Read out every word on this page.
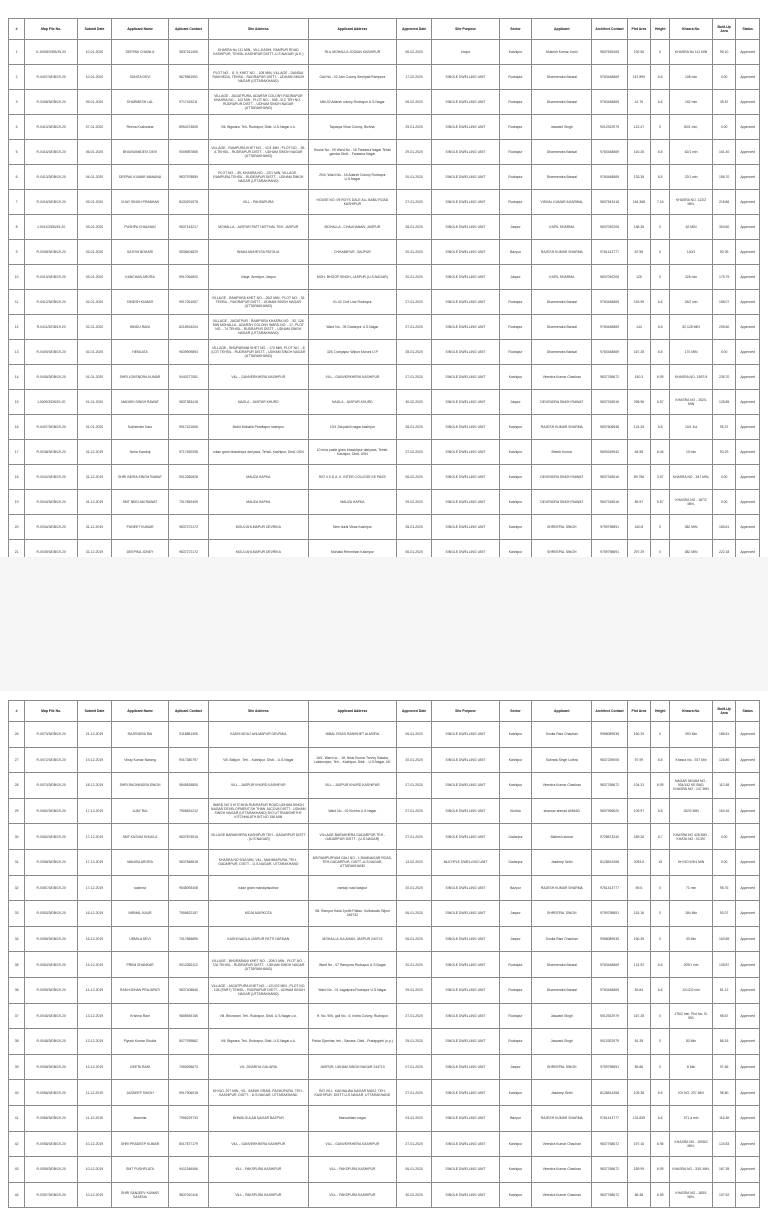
#	Map File No.	Submit Date	Applicant Name	Aplicant Contact	Site Address	Applicant Address	Approved Date	Site Purpose	Sector	Applicant	Architect Contact	Plot Area	Height	Khasra No.	Built-Up Area	Status
1	K-3/008/3/DB/19-20	10-01-2020	DEEPAK CHAWLA	9837011405	KHASRA No 111 MIN , VILL-KASHI, RAMPUR ROAD KASHIPUR, TEHSIL-KASHIPUR DISTT.-U.S.NAGAR (U.K.)	RLU MOHALLA JOGIAN KASHIPUR	06-02-2020	shops	Kashipur	Mukesh Kumar Joshi	9837525405	192.56	0	KHASRA No 111 MIN	95.10	Approved
2	R-0407/3/DB/19-20	10-01-2020	SUNITA DEVI	9675581591	PLOT NO. - 8, 9, KHET NO. - 108 MIN, VILLAGE - DANDIA RAIKHEDA, TEHSIL - RUDRAPUR DISTT. - UDHAM SINGH NAGAR (UTTARAKHAND)	Gali No - 02 Jain Colony Semipati Rampura	17-02-2020	SINGLE DWELLING UNIT	Rudrapur	Dharmendra Bansal	9760448869	167.899	6.5	108 min	0.00	Approved
3	R-0408/3/DB/19-20	09-01-2020	DHARMESH LAL	9717415211	VILLAGE - JAGATPURA, ADARSH COLONY RUDRAPUR KHASRA NO. - 102 MIN , PLOT NO. - 908 - B,C TEH NO. - RUDRAPUR DISTT. - UDHAM SINGH NAGAR (UTTARAKHAND)	Mkt-02 Adarsh colony Rudrapur U.S.Nagar	06-02-2020	SINGLE DWELLING UNIT	Rudrapur	Dharmendra Bansal	9760448869	41.76	6.5	152 min	39.87	Approved
4	R-0410/3/DB/19-20	07-01-2020	Reena Kushwaha	8954374605	Vill. Bigwara, Teh- Rudrapur, Distt- U.S.Nagar u.k.	Tapasya Vihar Colony, Bichha,	29-01-2020	SINGLE DWELLING UNIT	Rudrapur	Jaswant Singh	9012922979	122.47	0	80/1 min,	0.00	Approved
5	R-0416/3/DB/19-20	06-01-2020	BHAGWANDEVI DEVI	9005957865	VILLAGE - RAMPURA KHET NO. - 41/1 MIN , PLOT NO. - 35-A TEHSIL - RUDRAPUR DISTT. - UDHAM SINGH NAGAR (UTTARAKHAND)	House No - 09 Ward No - 16 Fantama Nagar Tehsil gandar Distt. - Fantama Nagar	29-01-2020	SINGLE DWELLING UNIT	Rudrapur	Dharmendra Bansal	9760448869	140.26	6.5	62/1 min	161.40	Approved
6	R-0413/3/DB/19-20	04-01-2020	DEEPAK KUMAR MANANA	9837978859	PLOT NO. - 59, KHASRA NO. - 22/1 MIN, VILLAGE - RAMPURA TEHSIL - RUDRAPUR DISTT. - UDHAM SINGH NAGAR (UTTARAKHAND)	20/4, Ward No - 16 Adarsh Colony Rudrapur U.S.Nagar	20-01-2020	SINGLE DWELLING UNIT	Rudrapur	Dharmendra Bansal	9760448869	133.35	6.5	22/1 min	156.70	Approved
7	R-0416/3/DB/19-20	03-01-2020	VIJAY SINGH PRABHAN	8433291978	VILL - PAHSAPURA	HOUSE NO. 09 ROYS DALE ALL BABU ROAD KASHIPUR	27-01-2020	SINGLE DWELLING UNIT	Rudrapur	VISHAL KUMAR AGARWAL	9837543418	154.368	7.16	KHASRA NO. 122/2 MIN,	218.86	Approved
8	J-0011/3/DB/19-20	03-01-2020	PUSHPA CHAUHAN	9837143217	MOHALLA - JASPUR PATTI BITTHAL TEH. JASPUR	MOHALLA - CHAUHANAN, JASPUR	28-01-2020	SINGLE DWELLING UNIT	Jaspur	KAPIL SHARMA	9837092205	158.35	0	62 MIN	303.60	Approved
9	R-0008/3/DB/19-20	03-01-2020	SATISH BOHARI	9538404829	BHAIA MUHEYSA PATOLIA	CHHAMIPUR , BAJPUR	20-01-2020	SINGLE DWELLING UNIT	Bazpur	RAJESH KUMAR SHARMA	9761413777	87.96	0	140/1	90.39	Approved
10	R-0013/3/DB/19-20	03-01-2020	KANCHAN ARORA	9917064800	Vlaqe- Amritpur, Jaspur	MOH- BHOOP SINGH, JASPUR (U.S.NAGAR)	20-01-2020	SINGLE DWELLING UNIT	Jaspur	KAPIL SHARMA	9837092205	125	0	325 min	175.79	Approved
11	R-0412/3/DB/19-20	02-01-2020	DINESH KUMAR	9917261057	VILLAGE - RAMPURA KHET NO. - 26/2 MIN , PLOT NO. - 51 TEHSIL - RUDRAPUR DISTT. - UDHAM SINGH NAGAR (UTTARAKHAND)	01-02 Civil Line Rudrapur	27-01-2020	SINGLE DWELLING UNIT	Rudrapur	Dharmendra Bansal	9760448869	153.95	6.5	26/2 min	158.07	Approved
12	R-0411/3/DB/19-20	02-01-2020	BINDU RANI	8218915204	VILLAGE - JAGATPUR - RAMPURA KHASRA NO. - 52, 126 MIN MOHALLA - ADARSH COLONY WARD NO. - 17, PLOT NO. - 74 TEHSIL - RUDRAPUR DISTT. - UDHAM SINGH NAGAR (UTTARAKHAND)	Ward No - 05 Gadarpur U.S.Nagar	27-01-2020	SINGLE DWELLING UNIT	Rudrapur	Dharmendra Bansal	9760448869	144	6.5	52,128 MIN	205.60	Approved
13	R-0409/3/DB/19-20	02-01-2020	HEMLATA	9639909893	VILLAGE - BHURARANI KHET NO. - 170 MIN, PLOT NO. - 8 (LOT TEHSIL - RUDRAPUR DISTT. - UDHAM SINGH NAGAR (UTTARAKHAND)	325, Darryapur Wipun Moruni U.P	28-01-2020	SINGLE DWELLING UNIT	Rudrapur	Dharmendra Bansal	9760448869	167.28	6.5	170 MIN	0.00	Approved
14	R-0406/3/DB/19-20	01-01-2020	SHRI LOKENDRA KUMAR	9440277081	VILL - GANVERKHERA KASHIPUR	VILL - GANVERKHERA KASHIPUR	27-01-2020	SINGLE DWELLING UNIT	Kashipur	Virendra Kumar Chauhan	9837768672	150.3	6.95	KHASRA NO- 159T/4	235.70	Approved
15	J-0009/3/DB/19-20	01-01-2020	MANISH SINGH RAWAT	9837383418	NAGLA - JASPUR KHURD	NAGLA - JASPUR KHURD	30-02-2020	SINGLE DWELLING UNIT	Jaspur	DEVENDRA SINGH RAWAT	9837318516	298.96	5.57	KHASRA NO - 262/1 MIN	128.85	Approved
16	R-0407/3/DB/19-20	01-01-2020	Sukhender Kaur	9917421606	Mohit Mohalla Pandtapur kashipur	10/1 Jila pakhi nagar kashipur	28-01-2020	SINGLE DWELLING UNIT	Kashipur	RAJESH KUMAR SHARMA	9837606838	124.25	6.5	10/1 Zul	95.37	Approved
17	R-0038/3/DB/19-20	31-12-2019	Neha Kandraj	9717450298	vulan gram bhaskhpur deriyava, Tehsil- Kashipur, Distt. USN	10 mira paide gram bhaskhpur dariyava, Tehsil- Kashipur, Distt. USN	27-02-2020	SINGLE DWELLING UNIT	Kashipur	Bhesh Kumar	9690249942	84.98	6.46	10 min	53.29	Approved
18	R-0042/3/DB/19-20	31-12-2019	SHRI INDRA SINGH RAWAT	9012260528	MAUZA HAPKA	R/O V.V.D.A. K. INTER COLLEGE KE PASS	06-02-2020	SINGLE DWELLING UNIT	Kashipur	DEVENDRA SINGH RAWAT	9837318516	89.756	3.57	KHASRA NO - 547 MIN,	0.00	Approved
19	R-0043/3/DB/19-20	31-12-2019	SMT NEELAM RAWAT	7017852409	MAUZA HAPKA	MAUZA HAPKA	29-02-2020	SINGLE DWELLING UNIT	Kashipur	DEVENDRA SINGH RAWAT	9837318516	85.97	5.57	KHASRA NO - 187/2 MIN,	0.00	Approved
20	R-0034/3/DB/19-20	31-12-2019	PUNEET KUMAR	9837272172	MOUJ AHLMAPUR DEVRIKA	New durai Vikas Kashipur	28-01-2020	SINGLE DWELLING UNIT	Kashipur	SHREEPAL SINGH	9759798891	160.8	0	382 MIN	165.61	Approved
21	R-0039/3/DB/19-20	31-12-2019	DEEPIKA JONEY	9837272172	MOUJ AHLMAPUR DEVRIKA	Mohalla Rehmthan Kashipur	06-01-2020	SINGLE DWELLING UNIT	Kashipur	SHREEPAL SINGH	9759798891	297.29	0	382 MIN	222.18	Approved

#	Map File No.	Submit Date	Applicant Name	Aplicant Contact	Site Address	Applicant Address	Approved Date	Site Purpose	Sector	Applicant	Architect Contact	Plot Area	Height	Khasra No.	Built-Up Area	Status
26	R-0073/3/DB/19-20	21-12-2019	RAJENDRA RAI	9118881305	KASHI MOUJ AHLMAPUR DEVRIKA	NIBAL ROAD RANIKHET ALMORA	06-01-2020	SINGLE DWELLING UNIT	Kashipur	Sunita Rani Chauhan	9958089935	160.29	0	393 Min	186.61	Approved
27	R-0072/3/DB/19-20	19-12-2019	Vinay Kumar Narang	9017380797	Vill. Bailjuri , Teh. - Kashipur, Distt. - U.S.Nagar	16/1, Ward no. - 18, Near Kumar Torvey Sataba, Lakshmipur, Teh. - Kashipur, Distt. - U.S.Nagar, UK	20-01-2020	SINGLE DWELLING UNIT	Kashipur	Subrata Singh Luthra	9837239005	97.99	6.5	Khasra No - 937 Min	126.80	Approved
28	R-0070/3/DB/19-20	18-12-2019	SHRI RAGHINDRA SINGH	9845818805	VILL - JASPUR KHURD KASHIPUR	VILL - JASPUR KHURD KASHIPUR	27-01-2020	SINGLE DWELLING UNIT	Kashipur	Virendra Kumar Chauhan	9837768672	104.31	6.95	NAGAR NIGAM NO - 934/142 KE BAD, KHASRA NO - 147 MIN	112.48	Approved
29	R-0062/3/DB/19-20	17-12-2019	AJAY RAI	7906631212	WARD NO 3 KITCHHA RUDRAPUR ROAD UDHAM SINGH NAGAR DEVELOPMENT SH THAN JACOVA DISTT - UDHAM SINGH NAGAR (UTTARAKHAND) R/O UTTRANSHETHY KITCHHA ATH BIT NO 156 MIN	Ward No - 02 Kichha U.S.Nagar	27-01-2020	SINGLE DWELLING UNIT	Kichha	shaurav ahmad AHMAD	9837996820	109.97	6.5	152/2 MIN	163.16	Approved
30	R-0062/3/DB/19-20	17-12-2019	SMT KUSUM SHUKLA	9837875516	VILLAGE BARAKHERA KASHIPUR TEH - GADARPUR DISTT - (U.S.NAGAR)	VILLAGE BARAKHERA GADARPUR TEH - GADARPUR DISTT - (U.S.NAGAR)	27-01-2020	SINGLE DWELLING UNIT	Gadarpur	Mahesh kumar	9728673240	189.26	6.7	KHASRA NO 428 MIN , KHATA NO - 01397	0.00	Approved
31	R-0058/3/DB/19-20	17-12-2019	MANISA ARORA	9837848818	KHASRA NO 9/3A MIN, VILL. MAHIMAPURA, TEH - GADARPUR, DISTT. - U.S.NAGAR, UTTARAKHAND	8/8 RAMPURYAM GALI NO - 1,RAMNAGAR ROAD, TEH-GADARPUR, DISTT.-U.S.NAGAR, UTTARAKHAND	13-02-2020	MULTIPLE DWELLING UNIT	Gadarpur	Jasdeep Sethi	8128814268	2053.6	15	KH NO 9/3/4 MIN	0.00	Approved
32	R-0067/3/DB/19-20	17-12-2019	sushma	9548093408	vulan gram mandiyasutinor	ramtaji road kasipur	20-01-2020	SINGLE DWELLING UNIT	Bazpur	RAJESH KUMAR SHARMA	9761413777	69.6	0	71 min	98.76	Approved
33	R-0053/3/DB/19-20	16-12-2019	NIRMAL KAUR	7906822157	MOJA MURKOTA	Vill. Rampur Kalal Jyothi Pattan, Kulkawala, Bijnor 246732	06-01-2020	SINGLE DWELLING UNIT	Jaspur	SHREEPAL SINGH	9759798891	115.16	0	184 Min	93.07	Approved
34	R-0055/3/DB/19-20	16-12-2019	URMILA DEVI	7017865896	KASHI NAGLA JASPUR PATTI HATMAN	MOHALLA JULAHAN, JASPUR 244713	06-01-2020	SINGLE DWELLING UNIT	Jaspur	Sunita Rani Chauhan	9958089935	150.39	0	33 Min	163.69	Approved
35	R-0063/3/DB/19-20	14-12-2019	PREM SHANKAR	9012082112	VILLAGE - BHURARANI KHET NO. - 209/1 MIN , PLOT NO. - 72A TEHSIL - RUDRAPUR DISTT. - UDHAM SINGH NAGAR (UTTARAKHAND)	Ward No - 07 Rampura Rudrapur U.S.Nagar	20-01-2020	SINGLE DWELLING UNIT	Rudrapur	Dharmendra Bansal	9760448869	131.92	6.5	209/1 min	135.87	Approved
36	R-0099/3/DB/19-20	14-12-2019	RAM KISHAN PRAJAPATI	9837406846	VILLAGE - JAGATPURA KHET NO. - 121/2/2 MIN , PLOT NO. - 106 (PART) TEHSIL - RUDRAPUR DISTT. - UDHAM SINGH NAGAR (UTTARAKHAND)	Ward No - 01 Jagatpura Rudrapur U.S.Nagar	29-01-2020	SINGLE DWELLING UNIT	Rudrapur	Dharmendra Bansal	9760448869	83.64	6.5	121/2/2 min	81.12	Approved
37	R-0045/3/DB/19-20	13-12-2019	Krishna Rani	9808945155	Vill. Bhurarani, Teh- Rudrapur, Distt- U.S.Nagar u.k.	H. No- 906, gali No - 5, Indira Colony, Rudrapur	27-01-2020	SINGLE DWELLING UNIT	Rudrapur	Jaswant Singh	9012922979	167.28	0	176/2 min, Plot No- B-551	98.67	Approved
38	R-0048/3/DB/19-20	13-12-2019	Piyush Kumar Shukla	8077939862	Vill. Bigwara, Teh- Rudrapur, Distt- U.S.Nagar u.k.	Pahar Djamhar, teh - Sanasa, Distt - Pratapgarh (u.p.)	29-01-2020	SINGLE DWELLING UNIT	Rudrapur	Jaswant Singh	9012922979	81.35	0	83 Min	86.16	Approved
39	R-0008/3/DB/19-20	12-12-2019	GEETA RANI	7055296673	VIL. DHARIYA GULARIA	JASPUR, UDHAM SINGH NAGAR 244713	07-01-2020	SINGLE DWELLING UNIT	Jaspur	SHREEPAL SINGH	9759798891	85.86	0	8 Min	97.66	Approved
40	R-0056/3/DB/19-20	11-12-2019	JASDEEP SINGH	9917906018	KH NO. 207 MIN , VIL. SAINIK GRAM, PASHUPURA, TEH - KASHIPUR, DISTT. - U.S.NAGAR, UTTARAKHAND	R/O VILL. KAKHALWA NAGAR MASJ, TEH-KASHIPUR, DISTT-U.S.NAGAR, UTTARAKHAND	27-01-2020	SINGLE DWELLING UNIT	Kashipur	Jasdeep Sethi	8128814268	105.38	5.9	KH NO. 207 MIN	98.80	Approved
41	R-0066/3/DB/19-20	11-12-2019	sharmila	7906229733	BHIWA GULAB NAGAR BAZPUR	Mansaidam nagar	03-01-2020	SINGLE DWELLING UNIT	Bazpur	RAJESH KUMAR SHARMA	9761413777	131.839	6.5	371 a min	116.36	Approved
42	R-0058/3/DB/19-20	10-12-2019	SHRI PRADEEP KUMAR	8017877179	VILL - GANVERKHERA KASHIPUR	VILL - GANVERKHERA KASHIPUR	27-01-2020	SINGLE DWELLING UNIT	Kashipur	Virendra Kumar Chauhan	9837768672	197.16	6.95	KHASRA NO - 1508/2 MIN,	124.83	Approved
43	R-0059/3/DB/19-20	10-12-2019	SMT PUSHPLATA	9411346066	VILL - PAKSPURA KASHIPUR	VILL - PAKSPURA KASHIPUR	06-01-2020	SINGLE DWELLING UNIT	Kashipur	Virendra Kumar Chauhan	9837768672	189.99	6.95	KHASRA NO - 33/1 MIN,	167.35	Approved
44	R-0057/3/DB/19-20	10-12-2019	SHRI SANJEEV KUMAR SAXENA	9837010116	VILL - PAKSPURA KASHIPUR	VILL - PAKSPURA KASHIPUR	30-02-2020	SINGLE DWELLING UNIT	Kashipur	Virendra Kumar Chauhan	9837768672	86.38	6.95	KHASRA NO - 185/1 MIN,	107.92	Approved
